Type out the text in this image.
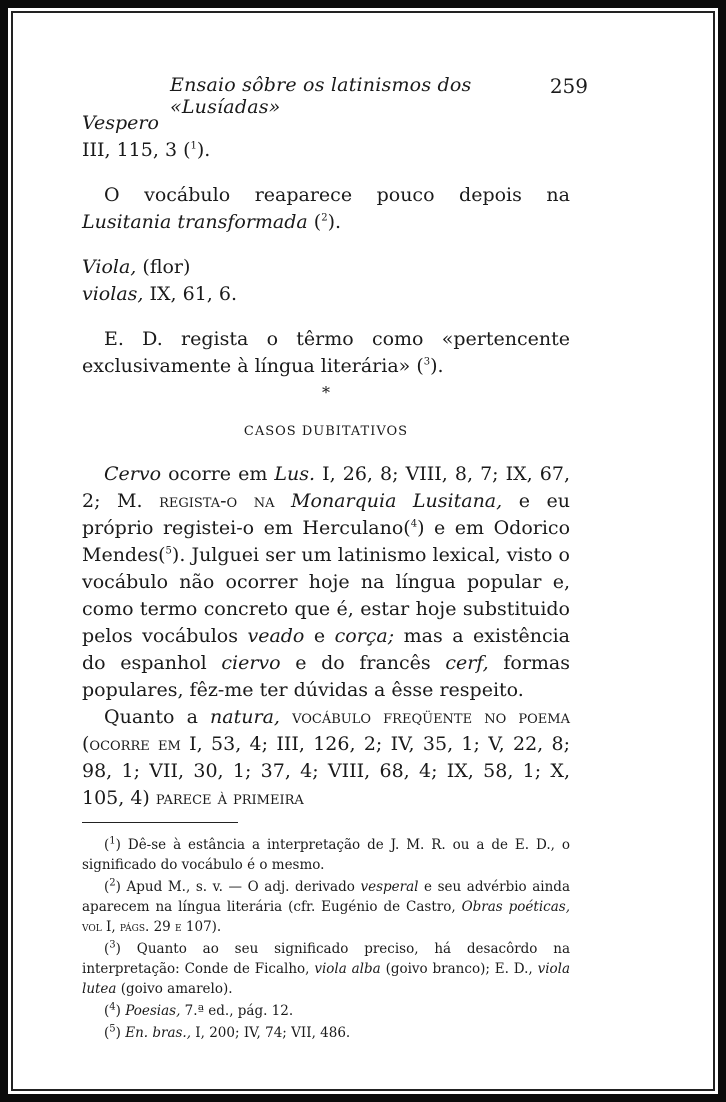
Ensaio sôbre os latinismos dos «Lusíadas»
259

Vespero

III, 115, 3 ($^1$).

O vocábulo reaparece pouco depois na Lusitania transformada ($^2$).

Viola, (flor)

violas, IX, 61, 6.

E. D. regista o têrmo como «pertencente exclusivamente à língua literária» ($^3$).

*
CASOS DUBITATIVOS

Cervo ocorre em Lus. I, 26, 8; VIII, 8, 7; IX, 67, 2; M. regista-o na Monarquia Lusitana, e eu próprio registei-o em Herculano($^4$) e em Odorico Mendes($^5$). Julguei ser um latinismo lexical, visto o vocábulo não ocorrer hoje na língua popular e, como termo concreto que é, estar hoje substituido pelos vocábulos veado e corça; mas a existência do espanhol ciervo e do francês cerf, formas populares, fêz-me ter dúvidas a êsse respeito.

Quanto a natura, vocábulo freqüente no poema (ocorre em I, 53, 4; III, 126, 2; IV, 35, 1; V, 22, 8; 98, 1; VII, 30, 1; 37, 4; VIII, 68, 4; IX, 58, 1; X, 105, 4) parece à primeira

($^1$) Dê-se à estância a interpretação de J. M. R. ou a de E. D., o significado do vocábulo é o mesmo.

($^2$) Apud M., s. v. — O adj. derivado vesperal e seu advérbio ainda aparecem na língua literária (cfr. Eugénio de Castro, Obras poéticas, vol I, págs. 29 e 107).

($^3$) Quanto ao seu significado preciso, há desacôrdo na interpretação: Conde de Ficalho, viola alba (goivo branco); E. D., viola lutea (goivo amarelo).

($^4$) Poesias, 7.ª ed., pág. 12.

($^5$) En. bras., I, 200; IV, 74; VII, 486.
